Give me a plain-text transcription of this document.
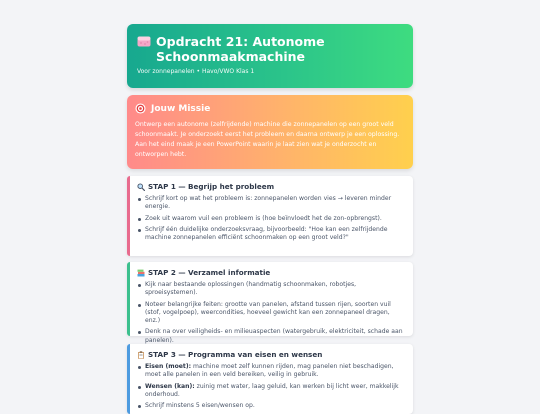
Opdracht 21: Autonome Schoonmaakmachine
Voor zonnepanelen • Havo/VWO Klas 1
Jouw Missie
Ontwerp een autonome (zelfrijdende) machine die zonnepanelen op een groot veld schoonmaakt. Je onderzoekt eerst het probleem en daarna ontwerp je een oplossing. Aan het eind maak je een PowerPoint waarin je laat zien wat je onderzocht en ontworpen hebt.
STAP 1 — Begrijp het probleem
Schrijf kort op wat het probleem is: zonnepanelen worden vies → leveren minder energie.
Zoek uit waarom vuil een probleem is (hoe beïnvloedt het de zon-opbrengst).
Schrijf één duidelijke onderzoeksvraag, bijvoorbeeld: "Hoe kan een zelfrijdende machine zonnepanelen efficiënt schoonmaken op een groot veld?"
STAP 2 — Verzamel informatie
Kijk naar bestaande oplossingen (handmatig schoonmaken, robotjes, sproeisystemen).
Noteer belangrijke feiten: grootte van panelen, afstand tussen rijen, soorten vuil (stof, vogelpoep), weercondities, hoeveel gewicht kan een zonnepaneel dragen, enz.)
Denk na over veiligheids- en milieuaspecten (watergebruik, elektriciteit, schade aan panelen).
STAP 3 — Programma van eisen en wensen
Eisen (moet): machine moet zelf kunnen rijden, mag panelen niet beschadigen, moet alle panelen in een veld bereiken, veilig in gebruik.
Wensen (kan): zuinig met water, laag geluid, kan werken bij licht weer, makkelijk onderhoud.
Schrijf minstens 5 eisen/wensen op.
